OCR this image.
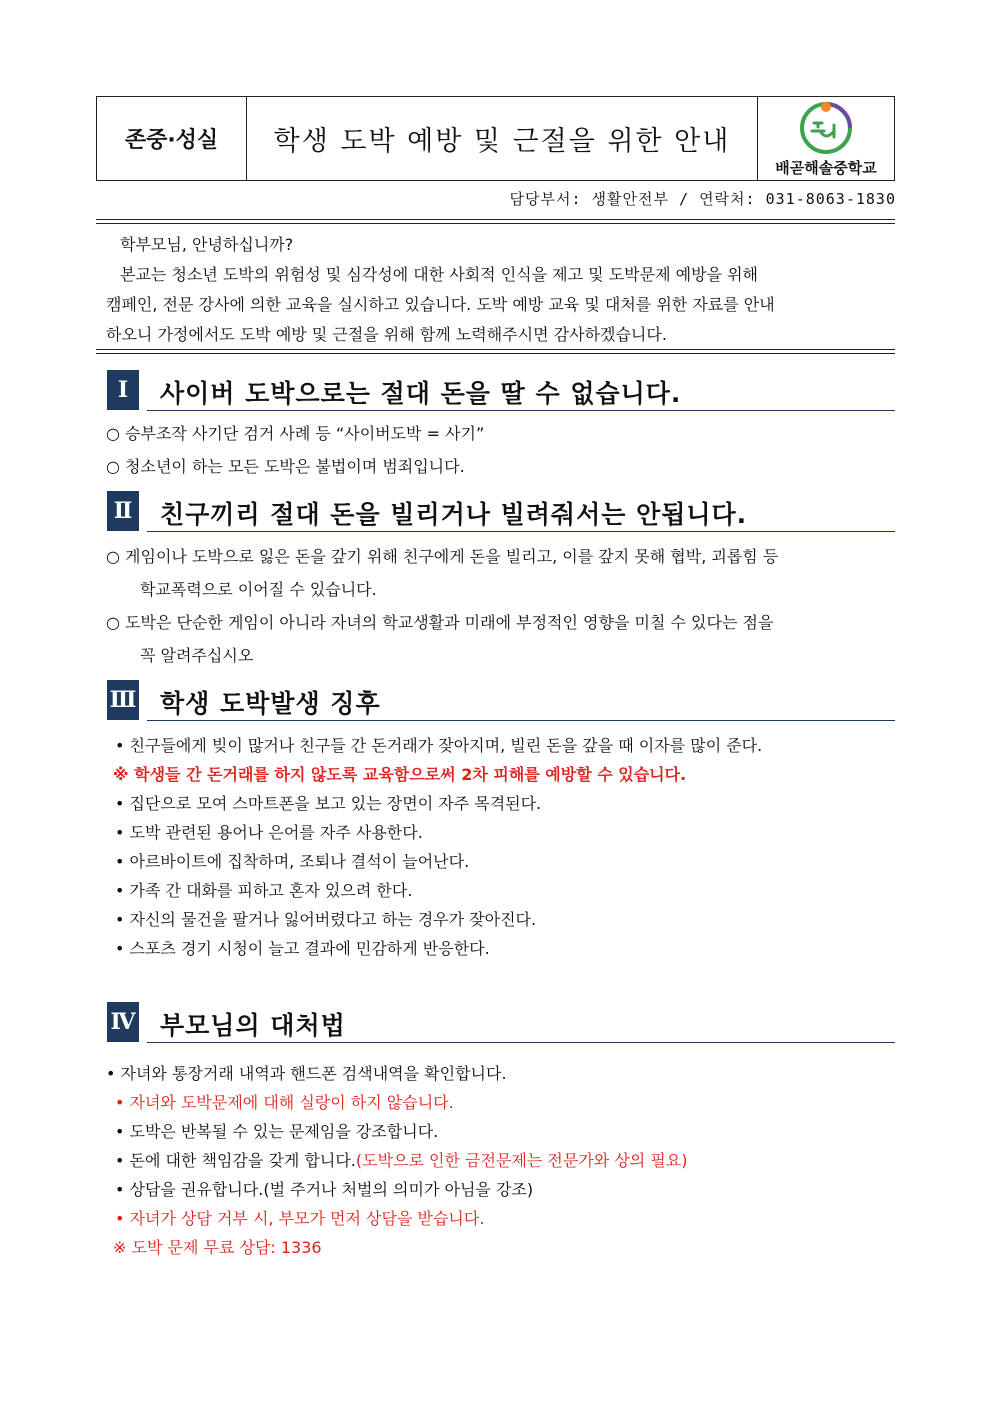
존중·성실	학생 도박 예방 및 근절을 위한 안내
배곧해솔중학교
담당부서: 생활안전부 / 연락처: 031-8063-1830

학부모님, 안녕하십니까?

본교는 청소년 도박의 위험성 및 심각성에 대한 사회적 인식을 제고 및 도박문제 예방을 위해

캠페인, 전문 강사에 의한 교육을 실시하고 있습니다. 도박 예방 교육 및 대처를 위한 자료를 안내

하오니 가정에서도 도박 예방 및 근절을 위해 함께 노력해주시면 감사하겠습니다.

Ⅰ	사이버 도박으로는 절대 돈을 딸 수 없습니다.
○ 승부조작 사기단 검거 사례 등 “사이버도박 = 사기”
○ 청소년이 하는 모든 도박은 불법이며 범죄입니다.
Ⅱ 친구끼리 절대 돈을 빌리거나 빌려줘서는 안됩니다.
○ 게임이나 도박으로 잃은 돈을 갚기 위해 친구에게 돈을 빌리고, 이를 갚지 못해 협박, 괴롭힘 등
학교폭력으로 이어질 수 있습니다.
○ 도박은 단순한 게임이 아니라 자녀의 학교생활과 미래에 부정적인 영향을 미칠 수 있다는 점을
꼭 알려주십시오
Ⅲ 학생 도박발생 징후
• 친구들에게 빚이 많거나 친구들 간 돈거래가 잦아지며, 빌린 돈을 갚을 때 이자를 많이 준다.
※ 학생들 간 돈거래를 하지 않도록 교육함으로써 2차 피해를 예방할 수 있습니다.
• 집단으로 모여 스마트폰을 보고 있는 장면이 자주 목격된다.
• 도박 관련된 용어나 은어를 자주 사용한다.
• 아르바이트에 집착하며, 조퇴나 결석이 늘어난다.
• 가족 간 대화를 피하고 혼자 있으려 한다.
• 자신의 물건을 팔거나 잃어버렸다고 하는 경우가 잦아진다.
• 스포츠 경기 시청이 늘고 결과에 민감하게 반응한다.
Ⅳ 부모님의 대처법
• 자녀와 통장거래 내역과 핸드폰 검색내역을 확인합니다.
• 자녀와 도박문제에 대해 실랑이 하지 않습니다.
• 도박은 반복될 수 있는 문제임을 강조합니다.
• 돈에 대한 책임감을 갖게 합니다.(도박으로 인한 금전문제는 전문가와 상의 필요)
• 상담을 권유합니다.(벌 주거나 처벌의 의미가 아님을 강조)
• 자녀가 상담 거부 시, 부모가 먼저 상담을 받습니다.
※ 도박 문제 무료 상담: 1336
